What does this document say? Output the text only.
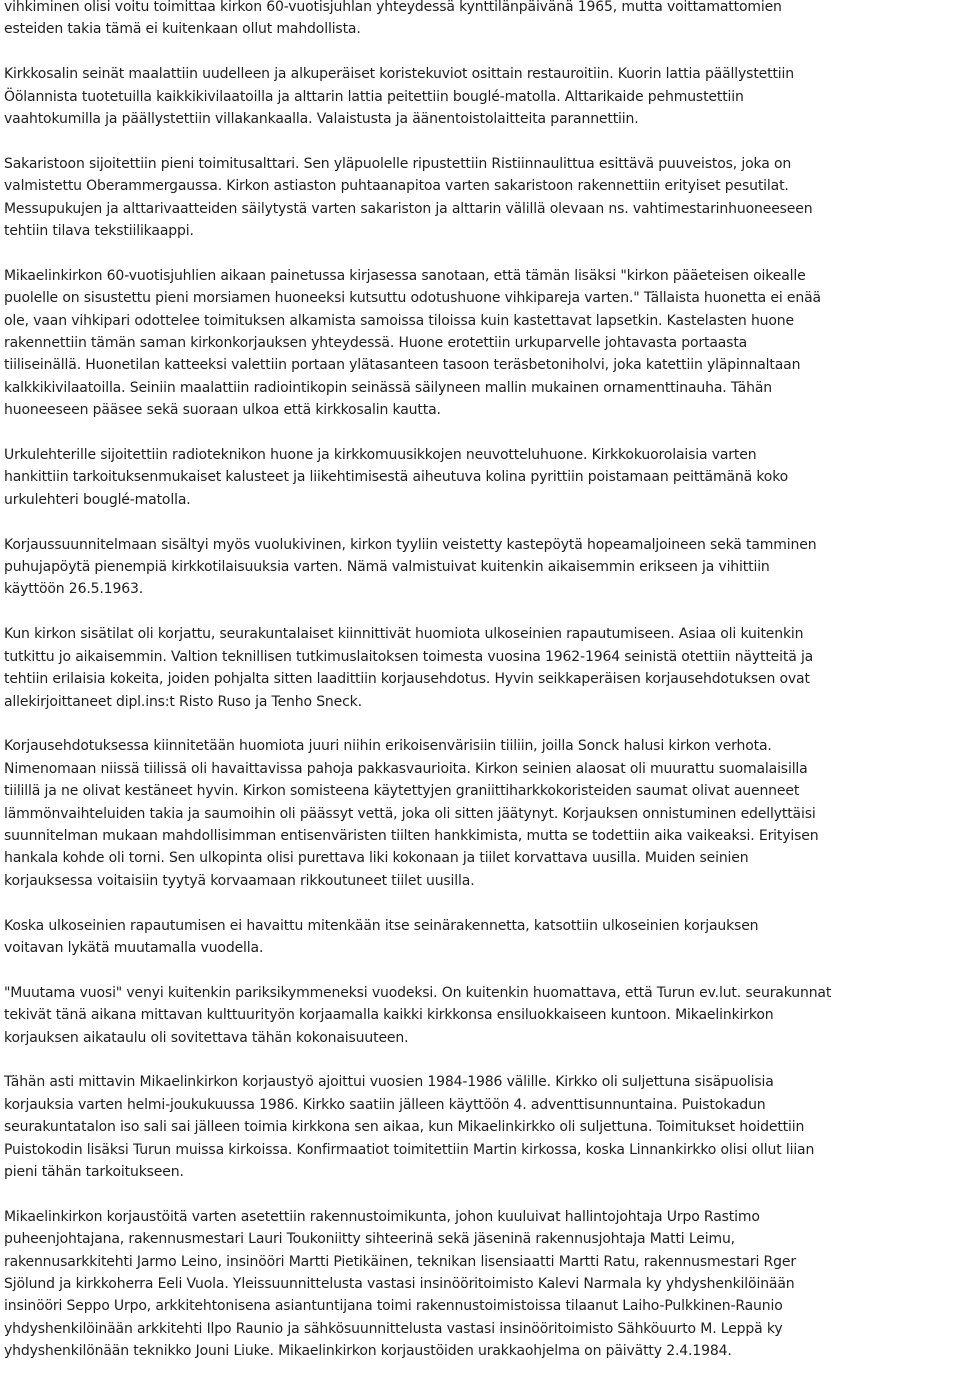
vihkiminen olisi voitu toimittaa kirkon 60-vuotisjuhlan yhteydessä kynttilänpäivänä 1965, mutta voittamattomien
esteiden takia tämä ei kuitenkaan ollut mahdollista.
Kirkkosalin seinät maalattiin uudelleen ja alkuperäiset koristekuviot osittain restauroitiin. Kuorin lattia päällystettiin
Öölannista tuotetuilla kaikkikivilaatoilla ja alttarin lattia peitettiin bouglé-matolla. Alttarikaide pehmustettiin
vaahtokumilla ja päällystettiin villakankaalla. Valaistusta ja äänentoistolaitteita parannettiin.
Sakaristoon sijoitettiin pieni toimitusalttari. Sen yläpuolelle ripustettiin Ristiinnaulittua esittävä puuveistos, joka on
valmistettu Oberammergaussa. Kirkon astiaston puhtaanapitoa varten sakaristoon rakennettiin erityiset pesutilat.
Messupukujen ja alttarivaatteiden säilytystä varten sakariston ja alttarin välillä olevaan ns. vahtimestarinhuoneeseen
tehtiin tilava tekstiilikaappi.
Mikaelinkirkon 60-vuotisjuhlien aikaan painetussa kirjasessa sanotaan, että tämän lisäksi "kirkon pääeteisen oikealle
puolelle on sisustettu pieni morsiamen huoneeksi kutsuttu odotushuone vihkipareja varten." Tällaista huonetta ei enää
ole, vaan vihkipari odottelee toimituksen alkamista samoissa tiloissa kuin kastettavat lapsetkin. Kastelasten huone
rakennettiin tämän saman kirkonkorjauksen yhteydessä. Huone erotettiin urkuparvelle johtavasta portaasta
tiiliseinällä. Huonetilan katteeksi valettiin portaan ylätasanteen tasoon teräsbetoniholvi, joka katettiin yläpinnaltaan
kalkkikivilaatoilla. Seiniin maalattiin radiointikopin seinässä säilyneen mallin mukainen ornamenttinauha. Tähän
huoneeseen pääsee sekä suoraan ulkoa että kirkkosalin kautta.
Urkulehterille sijoitettiin radioteknikon huone ja kirkkomuusikkojen neuvotteluhuone. Kirkkokuorolaisia varten
hankittiin tarkoituksenmukaiset kalusteet ja liikehtimisestä aiheutuva kolina pyrittiin poistamaan peittämänä koko
urkulehteri bouglé-matolla.
Korjaussuunnitelmaan sisältyi myös vuolukivinen, kirkon tyyliin veistetty kastepöytä hopeamaljoineen sekä tamminen
puhujapöytä pienempiä kirkkotilaisuuksia varten. Nämä valmistuivat kuitenkin aikaisemmin erikseen ja vihittiin
käyttöön 26.5.1963.
Kun kirkon sisätilat oli korjattu, seurakuntalaiset kiinnittivät huomiota ulkoseinien rapautumiseen. Asiaa oli kuitenkin
tutkittu jo aikaisemmin. Valtion teknillisen tutkimuslaitoksen toimesta vuosina 1962-1964 seinistä otettiin näytteitä ja
tehtiin erilaisia kokeita, joiden pohjalta sitten laadittiin korjausehdotus. Hyvin seikkaperäisen korjausehdotuksen ovat
allekirjoittaneet dipl.ins:t Risto Ruso ja Tenho Sneck.
Korjausehdotuksessa kiinnitetään huomiota juuri niihin erikoisenvärisiin tiiliin, joilla Sonck halusi kirkon verhota.
Nimenomaan niissä tiilissä oli havaittavissa pahoja pakkasvaurioita. Kirkon seinien alaosat oli muurattu suomalaisilla
tiilillä ja ne olivat kestäneet hyvin. Kirkon somisteena käytettyjen graniittiharkkokoristeiden saumat olivat auenneet
lämmönvaihteluiden takia ja saumoihin oli päässyt vettä, joka oli sitten jäätynyt. Korjauksen onnistuminen edellyttäisi
suunnitelman mukaan mahdollisimman entisenväristen tiilten hankkimista, mutta se todettiin aika vaikeaksi. Erityisen
hankala kohde oli torni. Sen ulkopinta olisi purettava liki kokonaan ja tiilet korvattava uusilla. Muiden seinien
korjauksessa voitaisiin tyytyä korvaamaan rikkoutuneet tiilet uusilla.
Koska ulkoseinien rapautumisen ei havaittu mitenkään itse seinärakennetta, katsottiin ulkoseinien korjauksen
voitavan lykätä muutamalla vuodella.
"Muutama vuosi" venyi kuitenkin pariksikymmeneksi vuodeksi. On kuitenkin huomattava, että Turun ev.lut. seurakunnat
tekivät tänä aikana mittavan kulttuurityön korjaamalla kaikki kirkkonsa ensiluokkaiseen kuntoon. Mikaelinkirkon
korjauksen aikataulu oli sovitettava tähän kokonaisuuteen.
Tähän asti mittavin Mikaelinkirkon korjaustyö ajoittui vuosien 1984-1986 välille. Kirkko oli suljettuna sisäpuolisia
korjauksia varten helmi-joukukuussa 1986. Kirkko saatiin jälleen käyttöön 4. adventtisunnuntaina. Puistokadun
seurakuntatalon iso sali sai jälleen toimia kirkkona sen aikaa, kun Mikaelinkirkko oli suljettuna. Toimitukset hoidettiin
Puistokodin lisäksi Turun muissa kirkoissa. Konfirmaatiot toimitettiin Martin kirkossa, koska Linnankirkko olisi ollut liian
pieni tähän tarkoitukseen.
Mikaelinkirkon korjaustöitä varten asetettiin rakennustoimikunta, johon kuuluivat hallintojohtaja Urpo Rastimo
puheenjohtajana, rakennusmestari Lauri Toukoniitty sihteerinä sekä jäseninä rakennusjohtaja Matti Leimu,
rakennusarkkitehti Jarmo Leino, insinööri Martti Pietikäinen, teknikan lisensiaatti Martti Ratu, rakennusmestari Rger
Sjölund ja kirkkoherra Eeli Vuola. Yleissuunnittelusta vastasi insinööritoimisto Kalevi Narmala ky yhdyshenkilöinään
insinööri Seppo Urpo, arkkitehtonisena asiantuntijana toimi rakennustoimistoissa tilaanut Laiho-Pulkkinen-Raunio
yhdyshenkilöinään arkkitehti Ilpo Raunio ja sähkösuunnittelusta vastasi insinööritoimisto Sähköuurto M. Leppä ky
yhdyshenkilönään teknikko Jouni Liuke. Mikaelinkirkon korjaustöiden urakkaohjelma on päivätty 2.4.1984.
